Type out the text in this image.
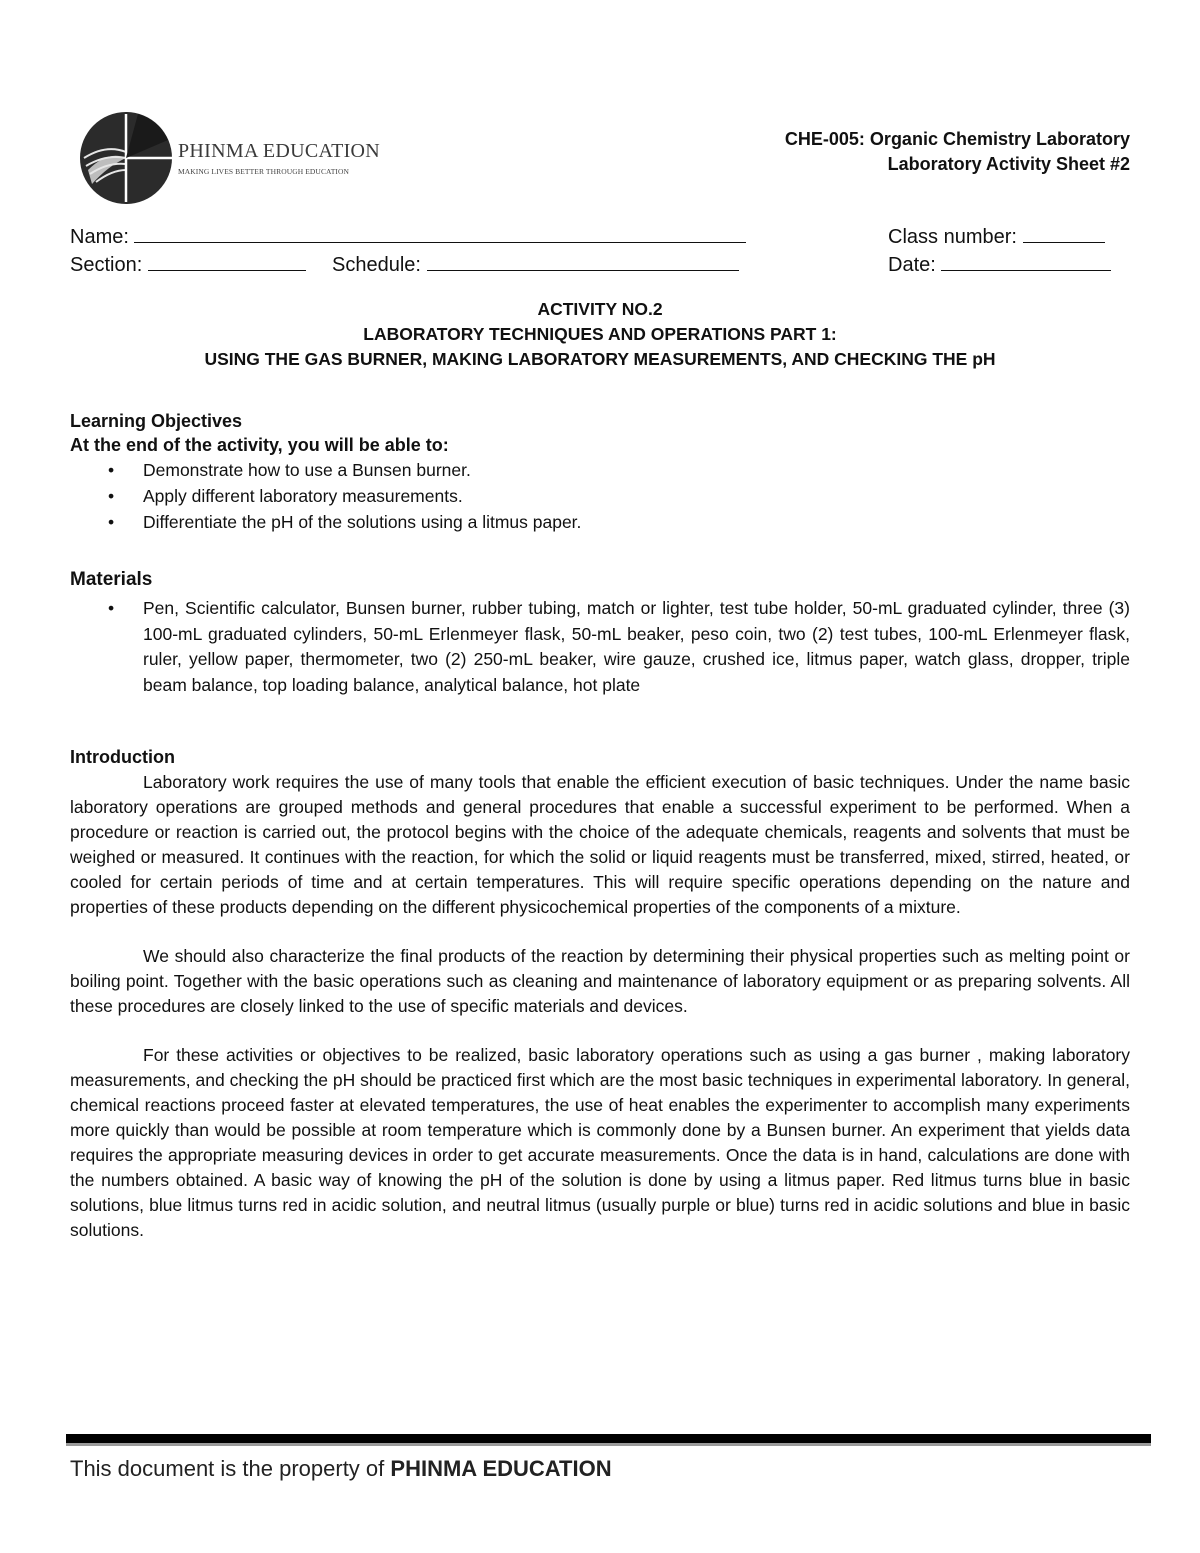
PHINMA EDUCATION
MAKING LIVES BETTER THROUGH EDUCATION
CHE-005: Organic Chemistry Laboratory
Laboratory Activity Sheet #2
Name:	Class number:
Section:	Schedule:	Date:
ACTIVITY NO.2
LABORATORY TECHNIQUES AND OPERATIONS PART 1:
USING THE GAS BURNER, MAKING LABORATORY MEASUREMENTS, AND CHECKING THE pH
Learning Objectives
At the end of the activity, you will be able to:
• Demonstrate how to use a Bunsen burner.
• Apply different laboratory measurements.
• Differentiate the pH of the solutions using a litmus paper.
Materials
• Pen, Scientific calculator, Bunsen burner, rubber tubing, match or lighter, test tube holder, 50-mL graduated cylinder, three (3) 100-mL graduated cylinders, 50-mL Erlenmeyer flask, 50-mL beaker, peso coin, two (2) test tubes, 100-mL Erlenmeyer flask, ruler, yellow paper, thermometer, two (2) 250-mL beaker, wire gauze, crushed ice, litmus paper, watch glass, dropper, triple beam balance, top loading balance, analytical balance, hot plate
Introduction

Laboratory work requires the use of many tools that enable the efficient execution of basic techniques. Under the name basic laboratory operations are grouped methods and general procedures that enable a successful experiment to be performed. When a procedure or reaction is carried out, the protocol begins with the choice of the adequate chemicals, reagents and solvents that must be weighed or measured. It continues with the reaction, for which the solid or liquid reagents must be transferred, mixed, stirred, heated, or cooled for certain periods of time and at certain temperatures. This will require specific operations depending on the nature and properties of these products depending on the different physicochemical properties of the components of a mixture.

We should also characterize the final products of the reaction by determining their physical properties such as melting point or boiling point. Together with the basic operations such as cleaning and maintenance of laboratory equipment or as preparing solvents. All these procedures are closely linked to the use of specific materials and devices.

For these activities or objectives to be realized, basic laboratory operations such as using a gas burner , making laboratory measurements, and checking the pH should be practiced first which are the most basic techniques in experimental laboratory. In general, chemical reactions proceed faster at elevated temperatures, the use of heat enables the experimenter to accomplish many experiments more quickly than would be possible at room temperature which is commonly done by a Bunsen burner. An experiment that yields data requires the appropriate measuring devices in order to get accurate measurements. Once the data is in hand, calculations are done with the numbers obtained. A basic way of knowing the pH of the solution is done by using a litmus paper. Red litmus turns blue in basic solutions, blue litmus turns red in acidic solution, and neutral litmus (usually purple or blue) turns red in acidic solutions and blue in basic solutions.

This document is the property of PHINMA EDUCATION
